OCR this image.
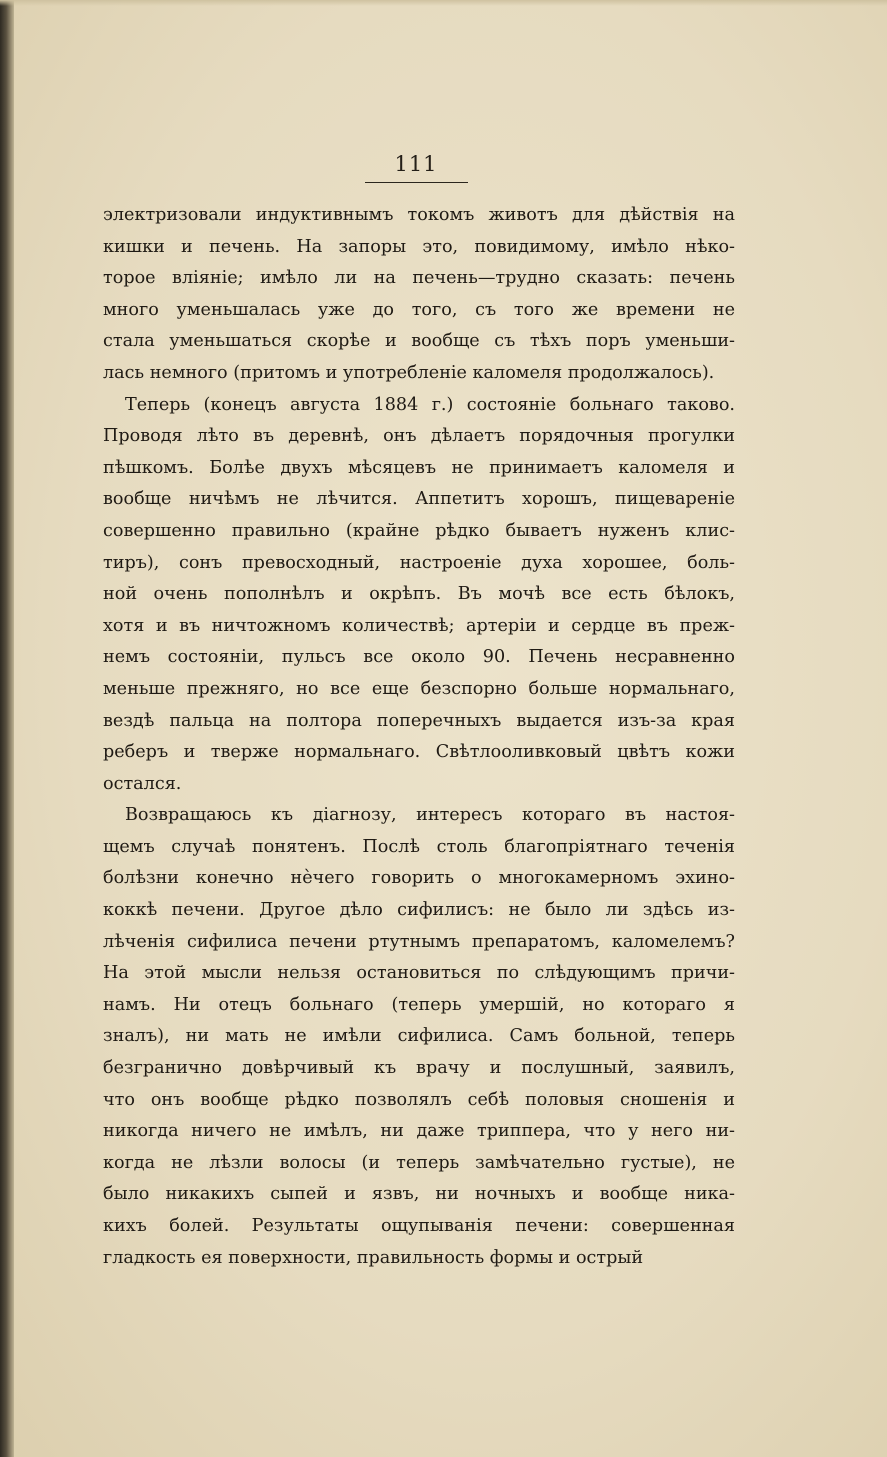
111
электризовали индуктивнымъ токомъ животъ для дѣйствія на
кишки и печень. На запоры это, повидимому, имѣло нѣко-
торое вліяніе; имѣло ли на печень—трудно сказать: печень
много уменьшалась уже до того, съ того же времени не
стала уменьшаться скорѣе и вообще съ тѣхъ поръ уменьши-
лась немного (притомъ и употребленіе каломеля продолжалось).
Теперь (конецъ августа 1884 г.) состояніе больнаго таково.
Проводя лѣто въ деревнѣ, онъ дѣлаетъ порядочныя прогулки
пѣшкомъ. Болѣе двухъ мѣсяцевъ не принимаетъ каломеля и
вообще ничѣмъ не лѣчится. Аппетитъ хорошъ, пищевареніе
совершенно правильно (крайне рѣдко бываетъ нуженъ клис-
тиръ), сонъ превосходный, настроеніе духа хорошее, боль-
ной очень пополнѣлъ и окрѣпъ. Въ мочѣ все есть бѣлокъ,
хотя и въ ничтожномъ количествѣ; артеріи и сердце въ преж-
немъ состояніи, пульсъ все около 90. Печень несравненно
меньше прежняго, но все еще безспорно больше нормальнаго,
вездѣ пальца на полтора поперечныхъ выдается изъ-за края
реберъ и тверже нормальнаго. Свѣтлооливковый цвѣтъ кожи
остался.
Возвращаюсь къ діагнозу, интересъ котораго въ настоя-
щемъ случаѣ понятенъ. Послѣ столь благопріятнаго теченія
болѣзни конечно нѐчего говорить о многокамерномъ эхино-
коккѣ печени. Другое дѣло сифилисъ: не было ли здѣсь из-
лѣченія сифилиса печени ртутнымъ препаратомъ, каломелемъ?
На этой мысли нельзя остановиться по слѣдующимъ причи-
намъ. Ни отецъ больнаго (теперь умершій, но котораго я
зналъ), ни мать не имѣли сифилиса. Самъ больной, теперь
безгранично довѣрчивый къ врачу и послушный, заявилъ,
что онъ вообще рѣдко позволялъ себѣ половыя сношенія и
никогда ничего не имѣлъ, ни даже триппера, что у него ни-
когда не лѣзли волосы (и теперь замѣчательно густые), не
было никакихъ сыпей и язвъ, ни ночныхъ и вообще ника-
кихъ болей. Результаты ощупыванія печени: совершенная
гладкость ея поверхности, правильность формы и острый
